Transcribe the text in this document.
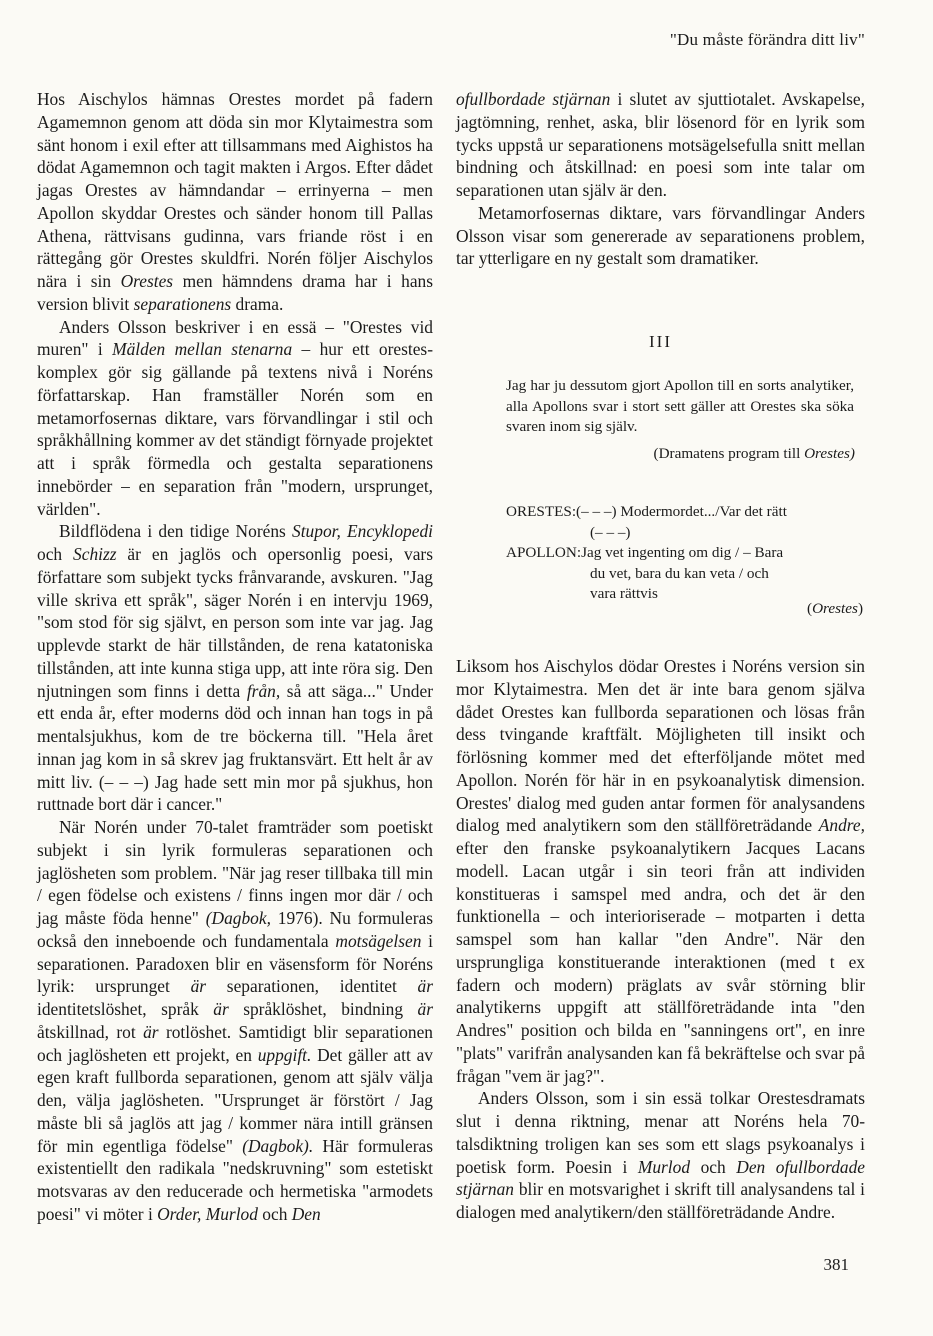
"Du måste förändra ditt liv"

Hos Aischylos hämnas Orestes mordet på fadern Agamemnon genom att döda sin mor Klytaimestra som sänt honom i exil efter att tillsammans med Aighistos ha dödat Agamemnon och tagit makten i Argos. Efter dådet jagas Orestes av hämndandar – errinyerna – men Apollon skyddar Orestes och sänder honom till Pallas Athena, rättvisans gudinna, vars friande röst i en rättegång gör Orestes skuldfri. Norén följer Aischylos nära i sin Orestes men hämndens drama har i hans version blivit separationens drama.

Anders Olsson beskriver i en essä – "Orestes vid muren" i Mälden mellan stenarna – hur ett orestes-komplex gör sig gällande på textens nivå i Noréns författarskap. Han framställer Norén som en metamorfosernas diktare, vars förvandlingar i stil och språkhållning kommer av det ständigt förnyade projektet att i språk förmedla och gestalta separationens innebörder – en separation från "modern, ursprunget, världen".

Bildflödena i den tidige Noréns Stupor, Encyklopedi och Schizz är en jaglös och opersonlig poesi, vars författare som subjekt tycks frånvarande, avskuren. "Jag ville skriva ett språk", säger Norén i en intervju 1969, "som stod för sig självt, en person som inte var jag. Jag upplevde starkt de här tillstånden, de rena katatoniska tillstånden, att inte kunna stiga upp, att inte röra sig. Den njutningen som finns i detta från, så att säga..." Under ett enda år, efter moderns död och innan han togs in på mentalsjukhus, kom de tre böckerna till. "Hela året innan jag kom in så skrev jag fruktansvärt. Ett helt år av mitt liv. (– – –) Jag hade sett min mor på sjukhus, hon ruttnade bort där i cancer."

När Norén under 70-talet framträder som poetiskt subjekt i sin lyrik formuleras separationen och jaglösheten som problem. "När jag reser tillbaka till min / egen födelse och existens / finns ingen mor där / och jag måste föda henne" (Dagbok, 1976). Nu formuleras också den inneboende och fundamentala motsägelsen i separationen. Paradoxen blir en väsensform för Noréns lyrik: ursprunget är separationen, identitet är identitetslöshet, språk är språklöshet, bindning är åtskillnad, rot är rotlöshet. Samtidigt blir separationen och jaglösheten ett projekt, en uppgift. Det gäller att av egen kraft fullborda separationen, genom att själv välja den, välja jaglösheten. "Ursprunget är förstört / Jag måste bli så jaglös att jag / kommer nära intill gränsen för min egentliga födelse" (Dagbok). Här formuleras existentiellt den radikala "nedskruvning" som estetiskt motsvaras av den reducerade och hermetiska "armodets poesi" vi möter i Order, Murlod och Den

ofullbordade stjärnan i slutet av sjuttiotalet. Avskapelse, jagtömning, renhet, aska, blir lösenord för en lyrik som tycks uppstå ur separationens motsägelsefulla snitt mellan bindning och åtskillnad: en poesi som inte talar om separationen utan själv är den.

Metamorfosernas diktare, vars förvandlingar Anders Olsson visar som genererade av separationens problem, tar ytterligare en ny gestalt som dramatiker.

III
Jag har ju dessutom gjort Apollon till en sorts analytiker, alla Apollons svar i stort sett gäller att Orestes ska söka svaren inom sig själv.
(Dramatens program till Orestes)
ORESTES: (– – –) Modermordet.../Var det rätt
(– – –)
APOLLON: Jag vet ingenting om dig / – Bara
du vet, bara du kan veta / och
vara rättvis
(Orestes)

Liksom hos Aischylos dödar Orestes i Noréns version sin mor Klytaimestra. Men det är inte bara genom själva dådet Orestes kan fullborda separationen och lösas från dess tvingande kraftfält. Möjligheten till insikt och förlösning kommer med det efterföljande mötet med Apollon. Norén för här in en psykoanalytisk dimension. Orestes' dialog med guden antar formen för analysandens dialog med analytikern som den ställföreträdande Andre, efter den franske psykoanalytikern Jacques Lacans modell. Lacan utgår i sin teori från att individen konstitueras i samspel med andra, och det är den funktionella – och interioriserade – motparten i detta samspel som han kallar "den Andre". När den ursprungliga konstituerande interaktionen (med t ex fadern och modern) präglats av svår störning blir analytikerns uppgift att ställföreträdande inta "den Andres" position och bilda en "sanningens ort", en inre "plats" varifrån analysanden kan få bekräftelse och svar på frågan "vem är jag?".

Anders Olsson, som i sin essä tolkar Orestesdramats slut i denna riktning, menar att Noréns hela 70-talsdiktning troligen kan ses som ett slags psykoanalys i poetisk form. Poesin i Murlod och Den ofullbordade stjärnan blir en motsvarighet i skrift till analysandens tal i dialogen med analytikern/den ställföreträdande Andre.

381
